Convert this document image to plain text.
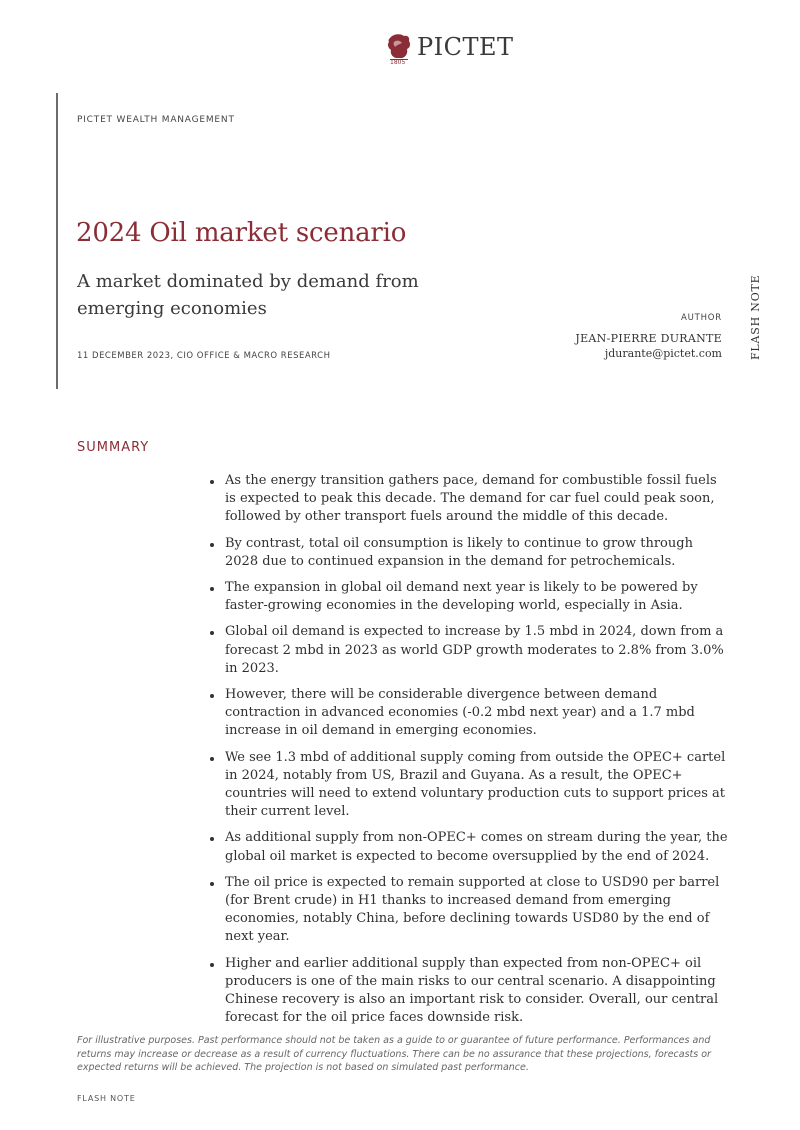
1805
PICTET
PICTET WEALTH MANAGEMENT
2024 Oil market scenario
A market dominated by demand from emerging economies
11 DECEMBER 2023, CIO OFFICE & MACRO RESEARCH
AUTHOR
JEAN-PIERRE DURANTE
jdurante@pictet.com FLASH NOTE
SUMMARY
As the energy transition gathers pace, demand for combustible fossil fuels is expected to peak this decade. The demand for car fuel could peak soon, followed by other transport fuels around the middle of this decade.
By contrast, total oil consumption is likely to continue to grow through 2028 due to continued expansion in the demand for petrochemicals.
The expansion in global oil demand next year is likely to be powered by faster-growing economies in the developing world, especially in Asia.
Global oil demand is expected to increase by 1.5 mbd in 2024, down from a forecast 2 mbd in 2023 as world GDP growth moderates to 2.8% from 3.0% in 2023.
However, there will be considerable divergence between demand contraction in advanced economies (-0.2 mbd next year) and a 1.7 mbd increase in oil demand in emerging economies.
We see 1.3 mbd of additional supply coming from outside the OPEC+ cartel in 2024, notably from US, Brazil and Guyana. As a result, the OPEC+ countries will need to extend voluntary production cuts to support prices at their current level.
As additional supply from non-OPEC+ comes on stream during the year, the global oil market is expected to become oversupplied by the end of 2024.
The oil price is expected to remain supported at close to USD90 per barrel (for Brent crude) in H1 thanks to increased demand from emerging economies, notably China, before declining towards USD80 by the end of next year.
Higher and earlier additional supply than expected from non-OPEC+ oil producers is one of the main risks to our central scenario. A disappointing Chinese recovery is also an important risk to consider. Overall, our central forecast for the oil price faces downside risk.

For illustrative purposes. Past performance should not be taken as a guide to or guarantee of future performance. Performances and returns may increase or decrease as a result of currency fluctuations. There can be no assurance that these projections, forecasts or expected returns will be achieved. The projection is not based on simulated past performance.

FLASH NOTE
